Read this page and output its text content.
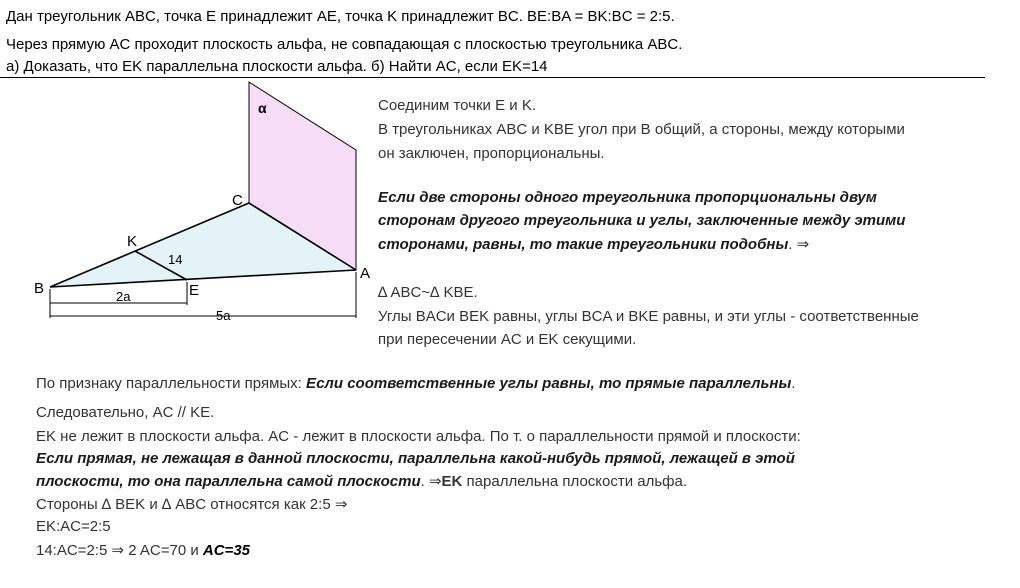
Дан треугольник ABC, точка E принадлежит AE, точка K принадлежит BC. BE:BA = BK:BC = 2:5.
Через прямую AC проходит плоскость альфа, не совпадающая с плоскостью треугольника ABC.
а) Доказать, что EK параллельна плоскости альфа. б) Найти AC, если EK=14
α
C
K
14
B	E
A
2a
5a
Соединим точки E и K.
В треугольниках ABC и KBE угол при B общий, а стороны, между которыми
он заключен, пропорциональны.
Если две стороны одного треугольника пропорциональны двум
сторонам другого треугольника и углы, заключенные между этими
сторонами, равны, то такие треугольники подобны. ⇒
∆ ABC~∆ KBE.
Углы BACи BEK равны, углы BCA и BKE равны, и эти углы - соответственные
при пересечении AC и EK секущими.
По признаку параллельности прямых: Если соответственные углы равны, то прямые параллельны.
Следовательно, AC // KE.
EK не лежит в плоскости альфа. AC - лежит в плоскости альфа. По т. о параллельности прямой и плоскости:
Если прямая, не лежащая в данной плоскости, параллельна какой-нибудь прямой, лежащей в этой
плоскости, то она параллельна самой плоскости. ⇒EK параллельна плоскости альфа.
Стороны ∆ BEK и ∆ ABC относятся как 2:5 ⇒
EK:AC=2:5
14:AC=2:5 ⇒ 2 AC=70 и AC=35
